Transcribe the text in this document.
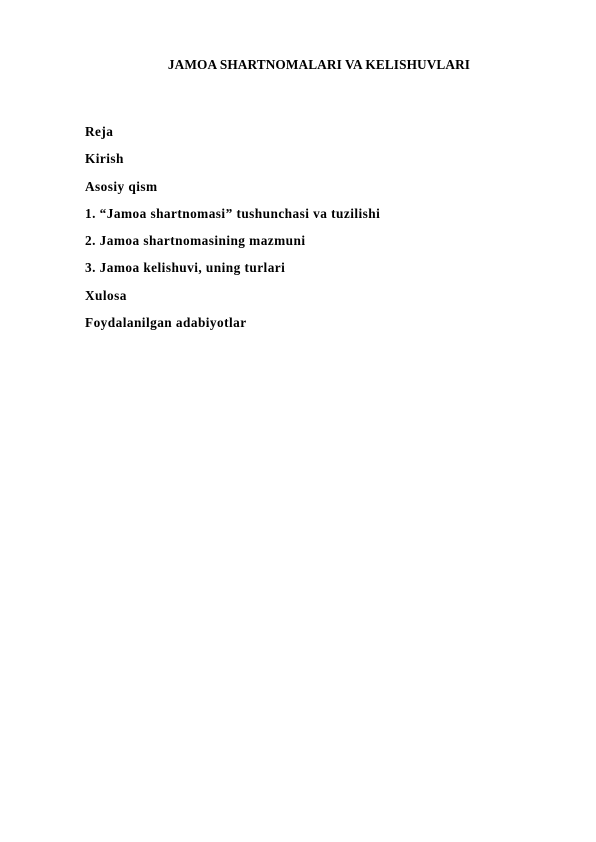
JAMOA SHARTNOMALARI VA KELISHUVLARI
Reja
Kirish
Asosiy qism
1. “Jamoa shartnomasi” tushunchasi va tuzilishi
2. Jamoa shartnomasining mazmuni
3. Jamoa kelishuvi, uning turlari
Xulosa
Foydalanilgan adabiyotlar
